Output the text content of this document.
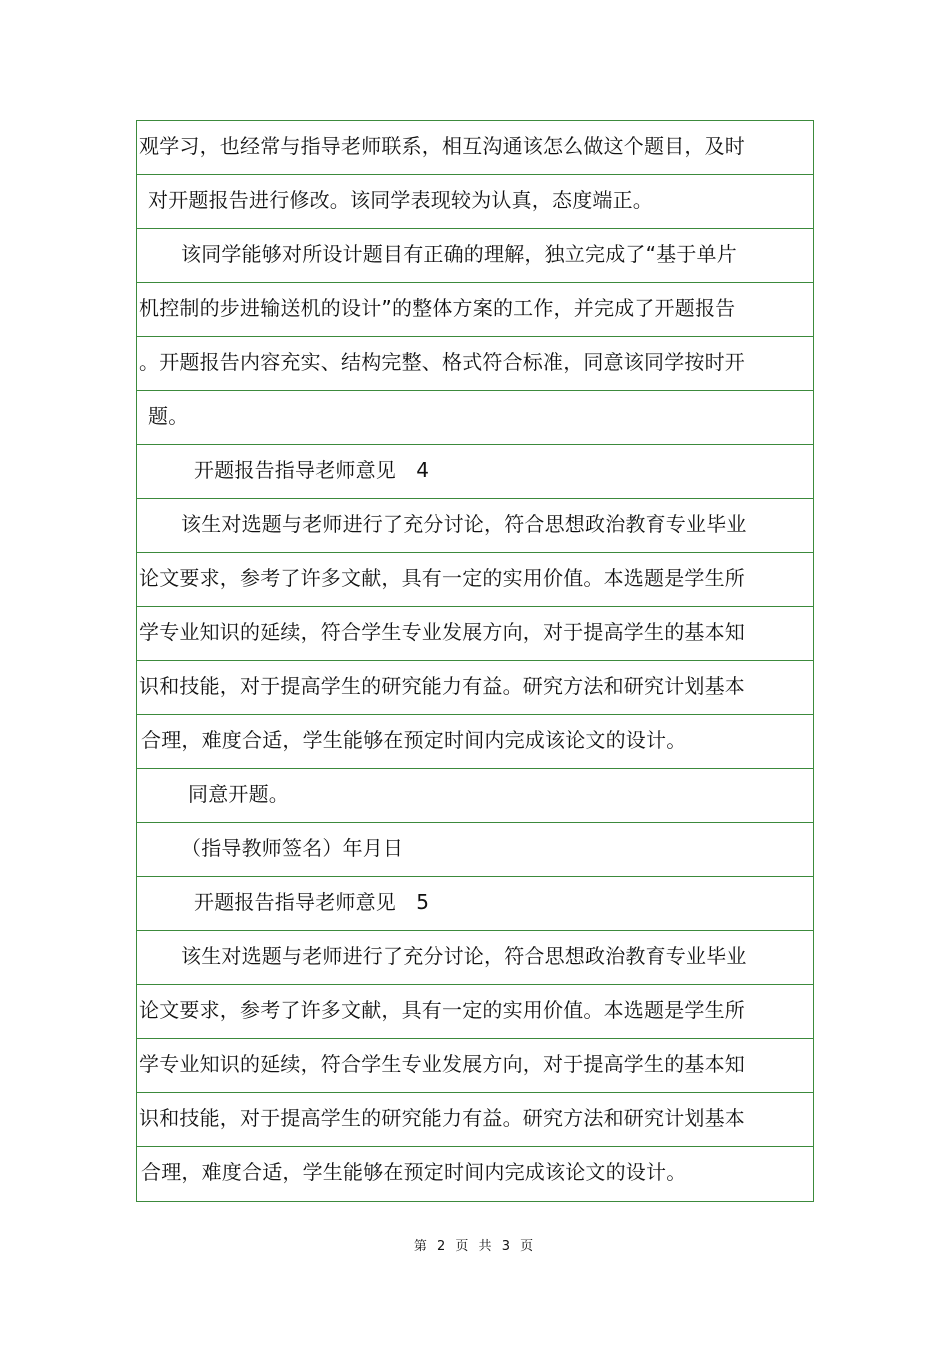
观学习，也经常与指导老师联系，相互沟通该怎么做这个题目，及时
对开题报告进行修改。该同学表现较为认真，态度端正。
该同学能够对所设计题目有正确的理解，独立完成了“基于单片
机控制的步进输送机的设计”的整体方案的工作，并完成了开题报告
。开题报告内容充实、结构完整、格式符合标准，同意该同学按时开
题。
开题报告指导老师意见　4
该生对选题与老师进行了充分讨论，符合思想政治教育专业毕业
论文要求，参考了许多文献，具有一定的实用价值。本选题是学生所
学专业知识的延续，符合学生专业发展方向，对于提高学生的基本知
识和技能，对于提高学生的研究能力有益。研究方法和研究计划基本
合理，难度合适，学生能够在预定时间内完成该论文的设计。
同意开题。
（指导教师签名）年月日
开题报告指导老师意见　5
该生对选题与老师进行了充分讨论，符合思想政治教育专业毕业
论文要求，参考了许多文献，具有一定的实用价值。本选题是学生所
学专业知识的延续，符合学生专业发展方向，对于提高学生的基本知
识和技能，对于提高学生的研究能力有益。研究方法和研究计划基本
合理，难度合适，学生能够在预定时间内完成该论文的设计。
第 2 页 共 3 页
